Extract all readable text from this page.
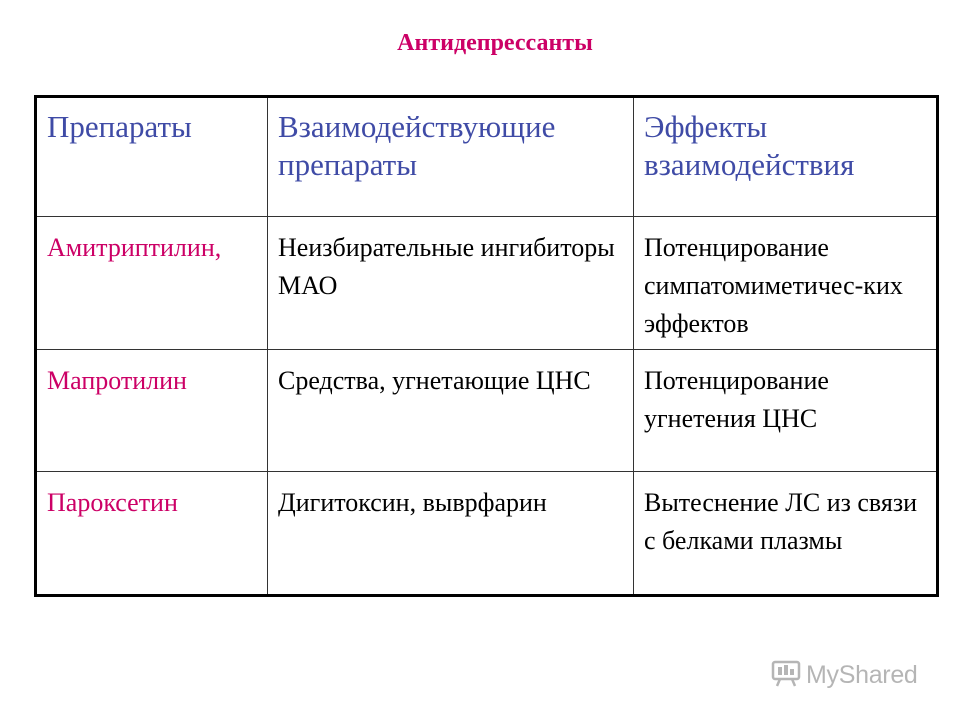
Антидепрессанты
Препараты	Взаимодействующие препараты	Эффекты взаимодействия
Амитриптилин,	Неизбирательные ингибиторы МАО	Потенцирование симпатомиметичес-ких эффектов
Мапротилин	Средства, угнетающие ЦНС	Потенцирование угнетения ЦНС
Пароксетин	Дигитоксин, выврфарин	Вытеснение ЛС из связи с белками плазмы
MyShared
